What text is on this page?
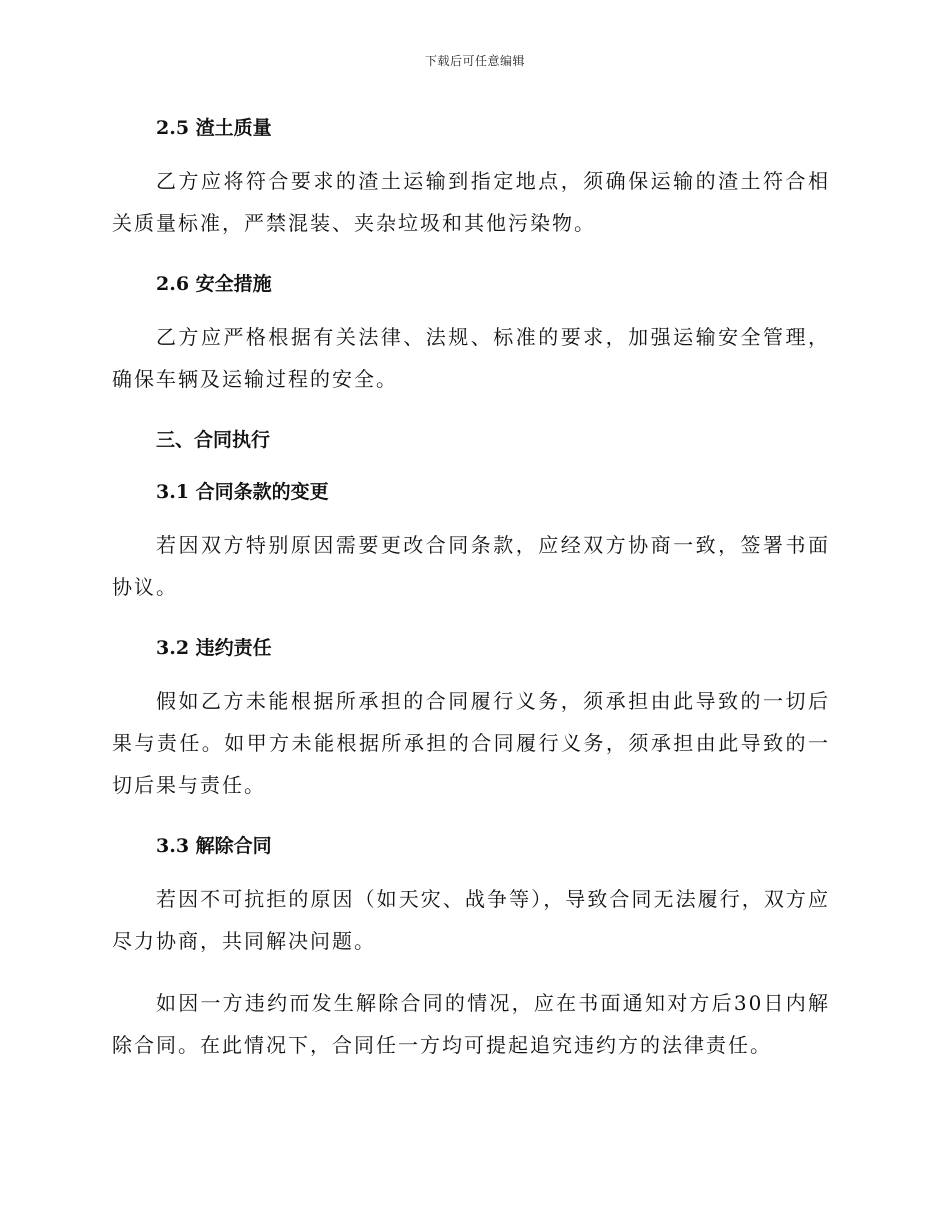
下载后可任意编辑
2.5 渣土质量

乙方应将符合要求的渣土运输到指定地点，须确保运输的渣土符合相关质量标准，严禁混装、夹杂垃圾和其他污染物。

2.6 安全措施

乙方应严格根据有关法律、法规、标准的要求，加强运输安全管理，确保车辆及运输过程的安全。

三、合同执行
3.1 合同条款的变更

若因双方特别原因需要更改合同条款，应经双方协商一致，签署书面协议。

3.2 违约责任

假如乙方未能根据所承担的合同履行义务，须承担由此导致的一切后果与责任。如甲方未能根据所承担的合同履行义务，须承担由此导致的一切后果与责任。

3.3 解除合同

若因不可抗拒的原因（如天灾、战争等），导致合同无法履行，双方应尽力协商，共同解决问题。

如因一方违约而发生解除合同的情况，应在书面通知对方后30日内解除合同。在此情况下，合同任一方均可提起追究违约方的法律责任。
